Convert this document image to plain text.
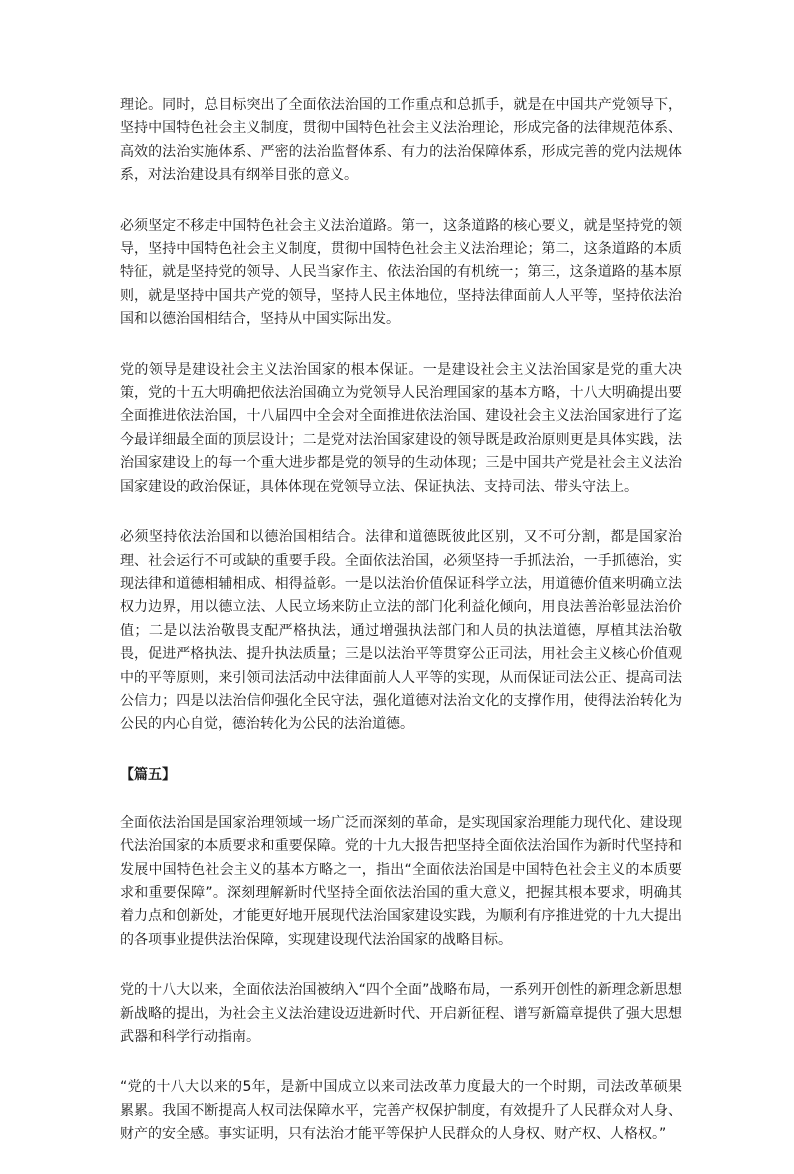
理论。同时，总目标突出了全面依法治国的工作重点和总抓手，就是在中国共产党领导下，坚持中国特色社会主义制度，贯彻中国特色社会主义法治理论，形成完备的法律规范体系、高效的法治实施体系、严密的法治监督体系、有力的法治保障体系，形成完善的党内法规体系，对法治建设具有纲举目张的意义。

必须坚定不移走中国特色社会主义法治道路。第一，这条道路的核心要义，就是坚持党的领导，坚持中国特色社会主义制度，贯彻中国特色社会主义法治理论；第二，这条道路的本质特征，就是坚持党的领导、人民当家作主、依法治国的有机统一；第三，这条道路的基本原则，就是坚持中国共产党的领导，坚持人民主体地位，坚持法律面前人人平等，坚持依法治国和以德治国相结合，坚持从中国实际出发。

党的领导是建设社会主义法治国家的根本保证。一是建设社会主义法治国家是党的重大决策，党的十五大明确把依法治国确立为党领导人民治理国家的基本方略，十八大明确提出要全面推进依法治国，十八届四中全会对全面推进依法治国、建设社会主义法治国家进行了迄今最详细最全面的顶层设计；二是党对法治国家建设的领导既是政治原则更是具体实践，法治国家建设上的每一个重大进步都是党的领导的生动体现；三是中国共产党是社会主义法治国家建设的政治保证，具体体现在党领导立法、保证执法、支持司法、带头守法上。

必须坚持依法治国和以德治国相结合。法律和道德既彼此区别，又不可分割，都是国家治理、社会运行不可或缺的重要手段。全面依法治国，必须坚持一手抓法治，一手抓德治，实现法律和道德相辅相成、相得益彰。一是以法治价值保证科学立法，用道德价值来明确立法权力边界，用以德立法、人民立场来防止立法的部门化利益化倾向，用良法善治彰显法治价值；二是以法治敬畏支配严格执法，通过增强执法部门和人员的执法道德，厚植其法治敬畏，促进严格执法、提升执法质量；三是以法治平等贯穿公正司法，用社会主义核心价值观中的平等原则，来引领司法活动中法律面前人人平等的实现，从而保证司法公正、提高司法公信力；四是以法治信仰强化全民守法，强化道德对法治文化的支撑作用，使得法治转化为公民的内心自觉，德治转化为公民的法治道德。

【篇五】

全面依法治国是国家治理领域一场广泛而深刻的革命，是实现国家治理能力现代化、建设现代法治国家的本质要求和重要保障。党的十九大报告把坚持全面依法治国作为新时代坚持和发展中国特色社会主义的基本方略之一，指出“全面依法治国是中国特色社会主义的本质要求和重要保障”。深刻理解新时代坚持全面依法治国的重大意义，把握其根本要求，明确其着力点和创新处，才能更好地开展现代法治国家建设实践，为顺利有序推进党的十九大提出的各项事业提供法治保障，实现建设现代法治国家的战略目标。

党的十八大以来，全面依法治国被纳入“四个全面”战略布局，一系列开创性的新理念新思想新战略的提出，为社会主义法治建设迈进新时代、开启新征程、谱写新篇章提供了强大思想武器和科学行动指南。

“党的十八大以来的5年，是新中国成立以来司法改革力度最大的一个时期，司法改革硕果累累。我国不断提高人权司法保障水平，完善产权保护制度，有效提升了人民群众对人身、财产的安全感。事实证明，只有法治才能平等保护人民群众的人身权、财产权、人格权。”
